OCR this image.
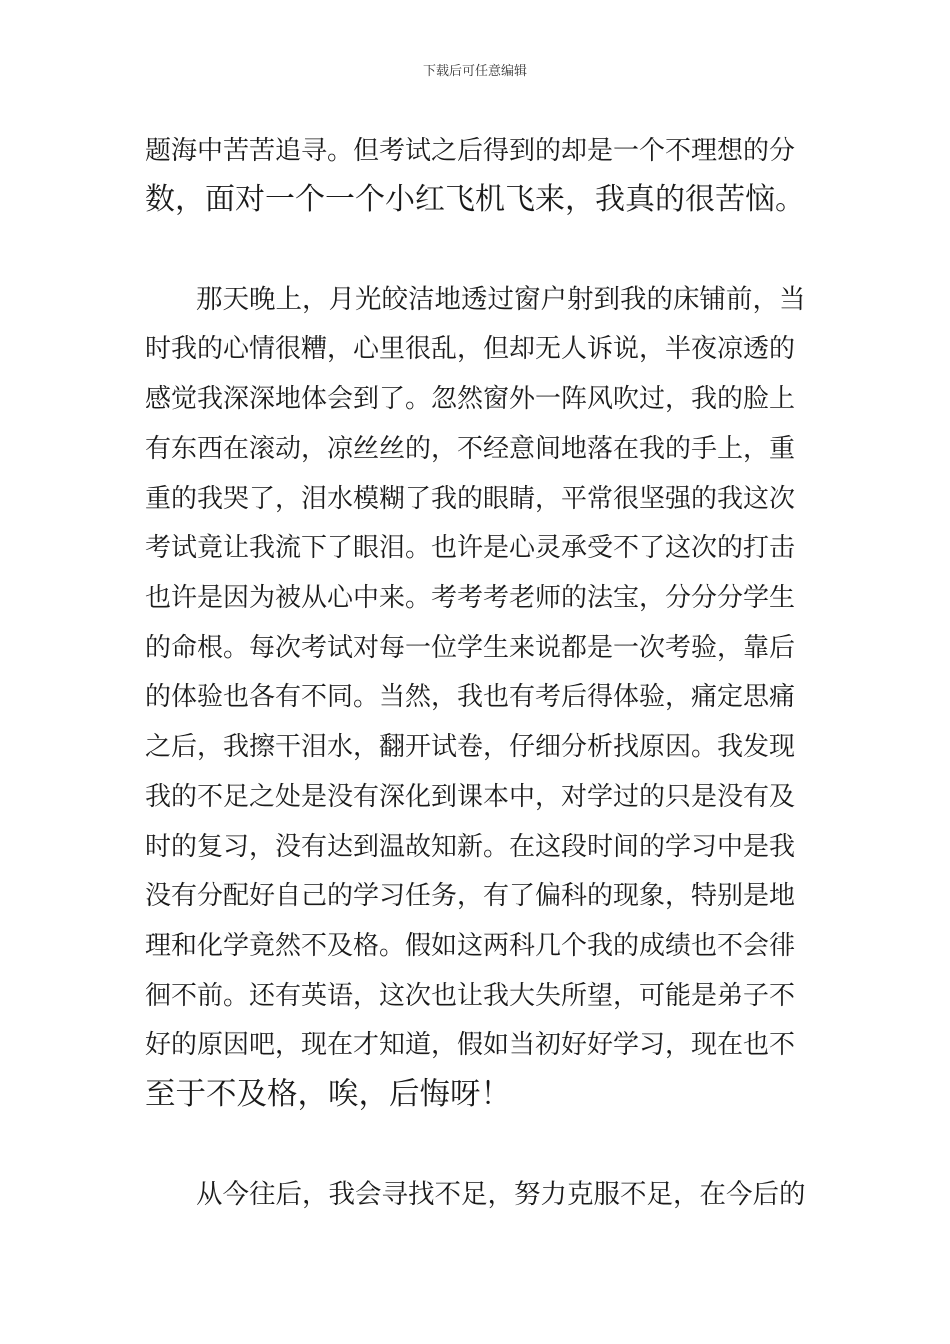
下载后可任意编辑
题海中苦苦追寻。但考试之后得到的却是一个不理想的分
数，面对一个一个小红飞机飞来，我真的很苦恼。
那天晚上，月光皎洁地透过窗户射到我的床铺前，当
时我的心情很糟，心里很乱，但却无人诉说，半夜凉透的
感觉我深深地体会到了。忽然窗外一阵风吹过，我的脸上
有东西在滚动，凉丝丝的，不经意间地落在我的手上，重
重的我哭了，泪水模糊了我的眼睛，平常很坚强的我这次
考试竟让我流下了眼泪。也许是心灵承受不了这次的打击
也许是因为被从心中来。考考考老师的法宝，分分分学生
的命根。每次考试对每一位学生来说都是一次考验，靠后
的体验也各有不同。当然，我也有考后得体验，痛定思痛
之后，我擦干泪水，翻开试卷，仔细分析找原因。我发现
我的不足之处是没有深化到课本中，对学过的只是没有及
时的复习，没有达到温故知新。在这段时间的学习中是我
没有分配好自己的学习任务，有了偏科的现象，特别是地
理和化学竟然不及格。假如这两科几个我的成绩也不会徘
徊不前。还有英语，这次也让我大失所望，可能是弟子不
好的原因吧，现在才知道，假如当初好好学习，现在也不
至于不及格，唉，后悔呀！
从今往后，我会寻找不足，努力克服不足，在今后的
